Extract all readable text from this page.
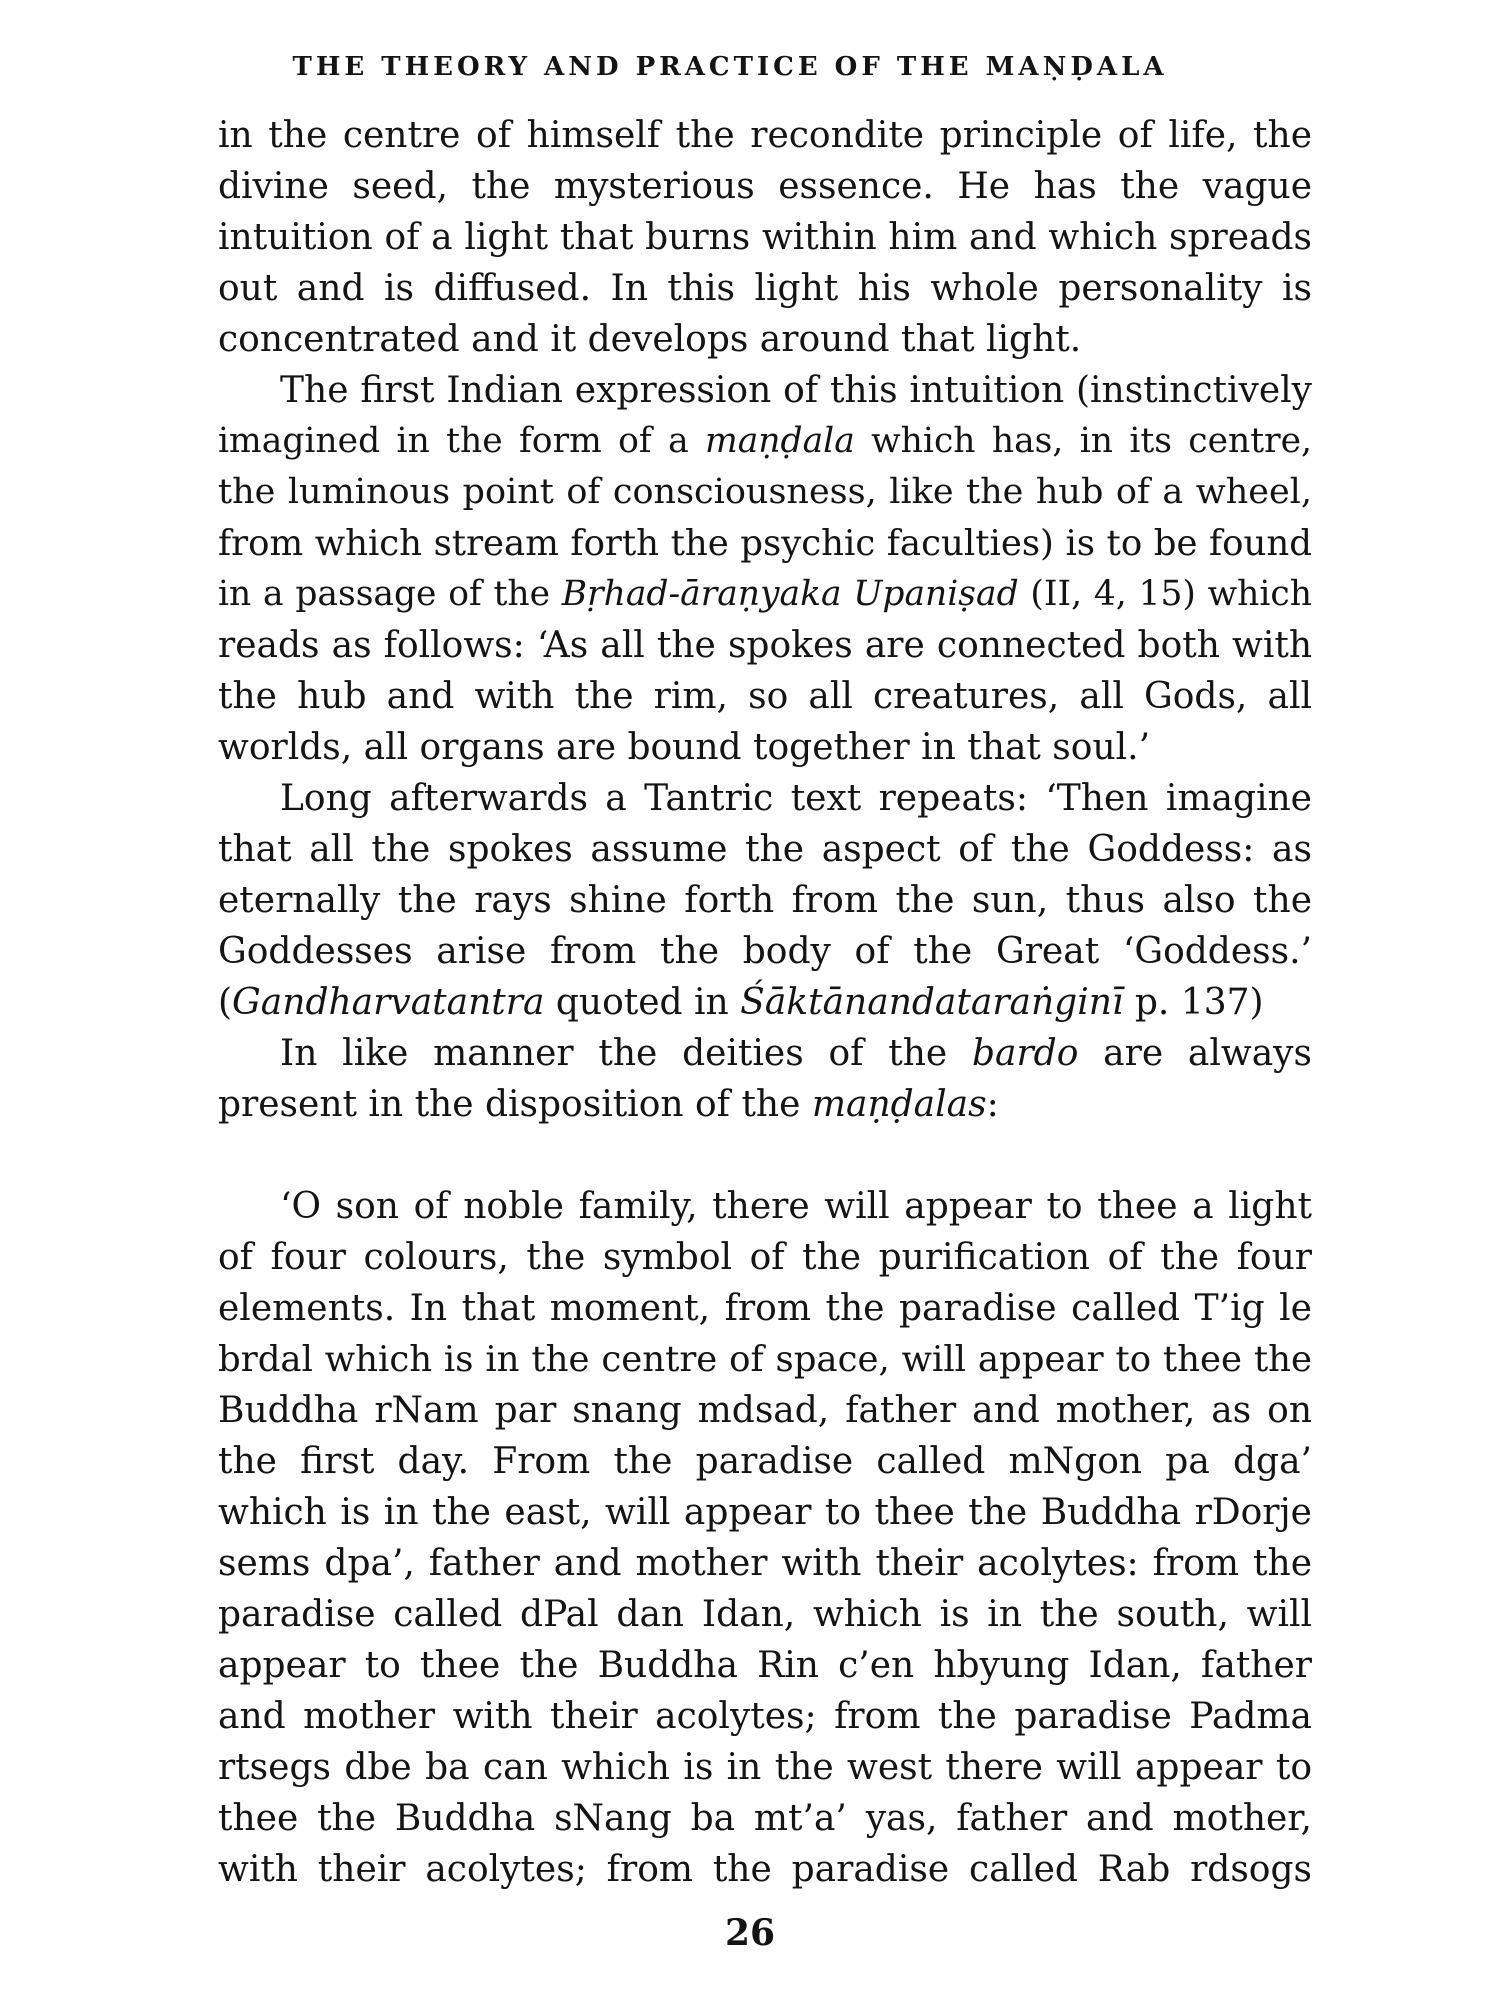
THE THEORY AND PRACTICE OF THE MAṆḌALA
in the centre of himself the recondite principle of life, the
divine seed, the mysterious essence. He has the vague
intuition of a light that burns within him and which spreads
out and is diffused. In this light his whole personality is
concentrated and it develops around that light.
The first Indian expression of this intuition (instinctively
imagined in the form of a maṇḍala which has, in its centre,
the luminous point of consciousness, like the hub of a wheel,
from which stream forth the psychic faculties) is to be found
in a passage of the Bṛhad-āraṇyaka Upaniṣad (II, 4, 15) which
reads as follows: ‘As all the spokes are connected both with
the hub and with the rim, so all creatures, all Gods, all
worlds, all organs are bound together in that soul.’
Long afterwards a Tantric text repeats: ‘Then imagine
that all the spokes assume the aspect of the Goddess: as
eternally the rays shine forth from the sun, thus also the
Goddesses arise from the body of the Great ‘Goddess.’
(Gandharvatantra quoted in Śāktānandataraṅginī p. 137)
In like manner the deities of the bardo are always
present in the disposition of the maṇḍalas:
‘O son of noble family, there will appear to thee a light
of four colours, the symbol of the purification of the four
elements. In that moment, from the paradise called T’ig le
brdal which is in the centre of space, will appear to thee the
Buddha rNam par snang mdsad, father and mother, as on
the first day. From the paradise called mNgon pa dga’
which is in the east, will appear to thee the Buddha rDorje
sems dpa’, father and mother with their acolytes: from the
paradise called dPal dan Idan, which is in the south, will
appear to thee the Buddha Rin c’en hbyung Idan, father
and mother with their acolytes; from the paradise Padma
rtsegs dbe ba can which is in the west there will appear to
thee the Buddha sNang ba mt’a’ yas, father and mother,
with their acolytes; from the paradise called Rab rdsogs
26
